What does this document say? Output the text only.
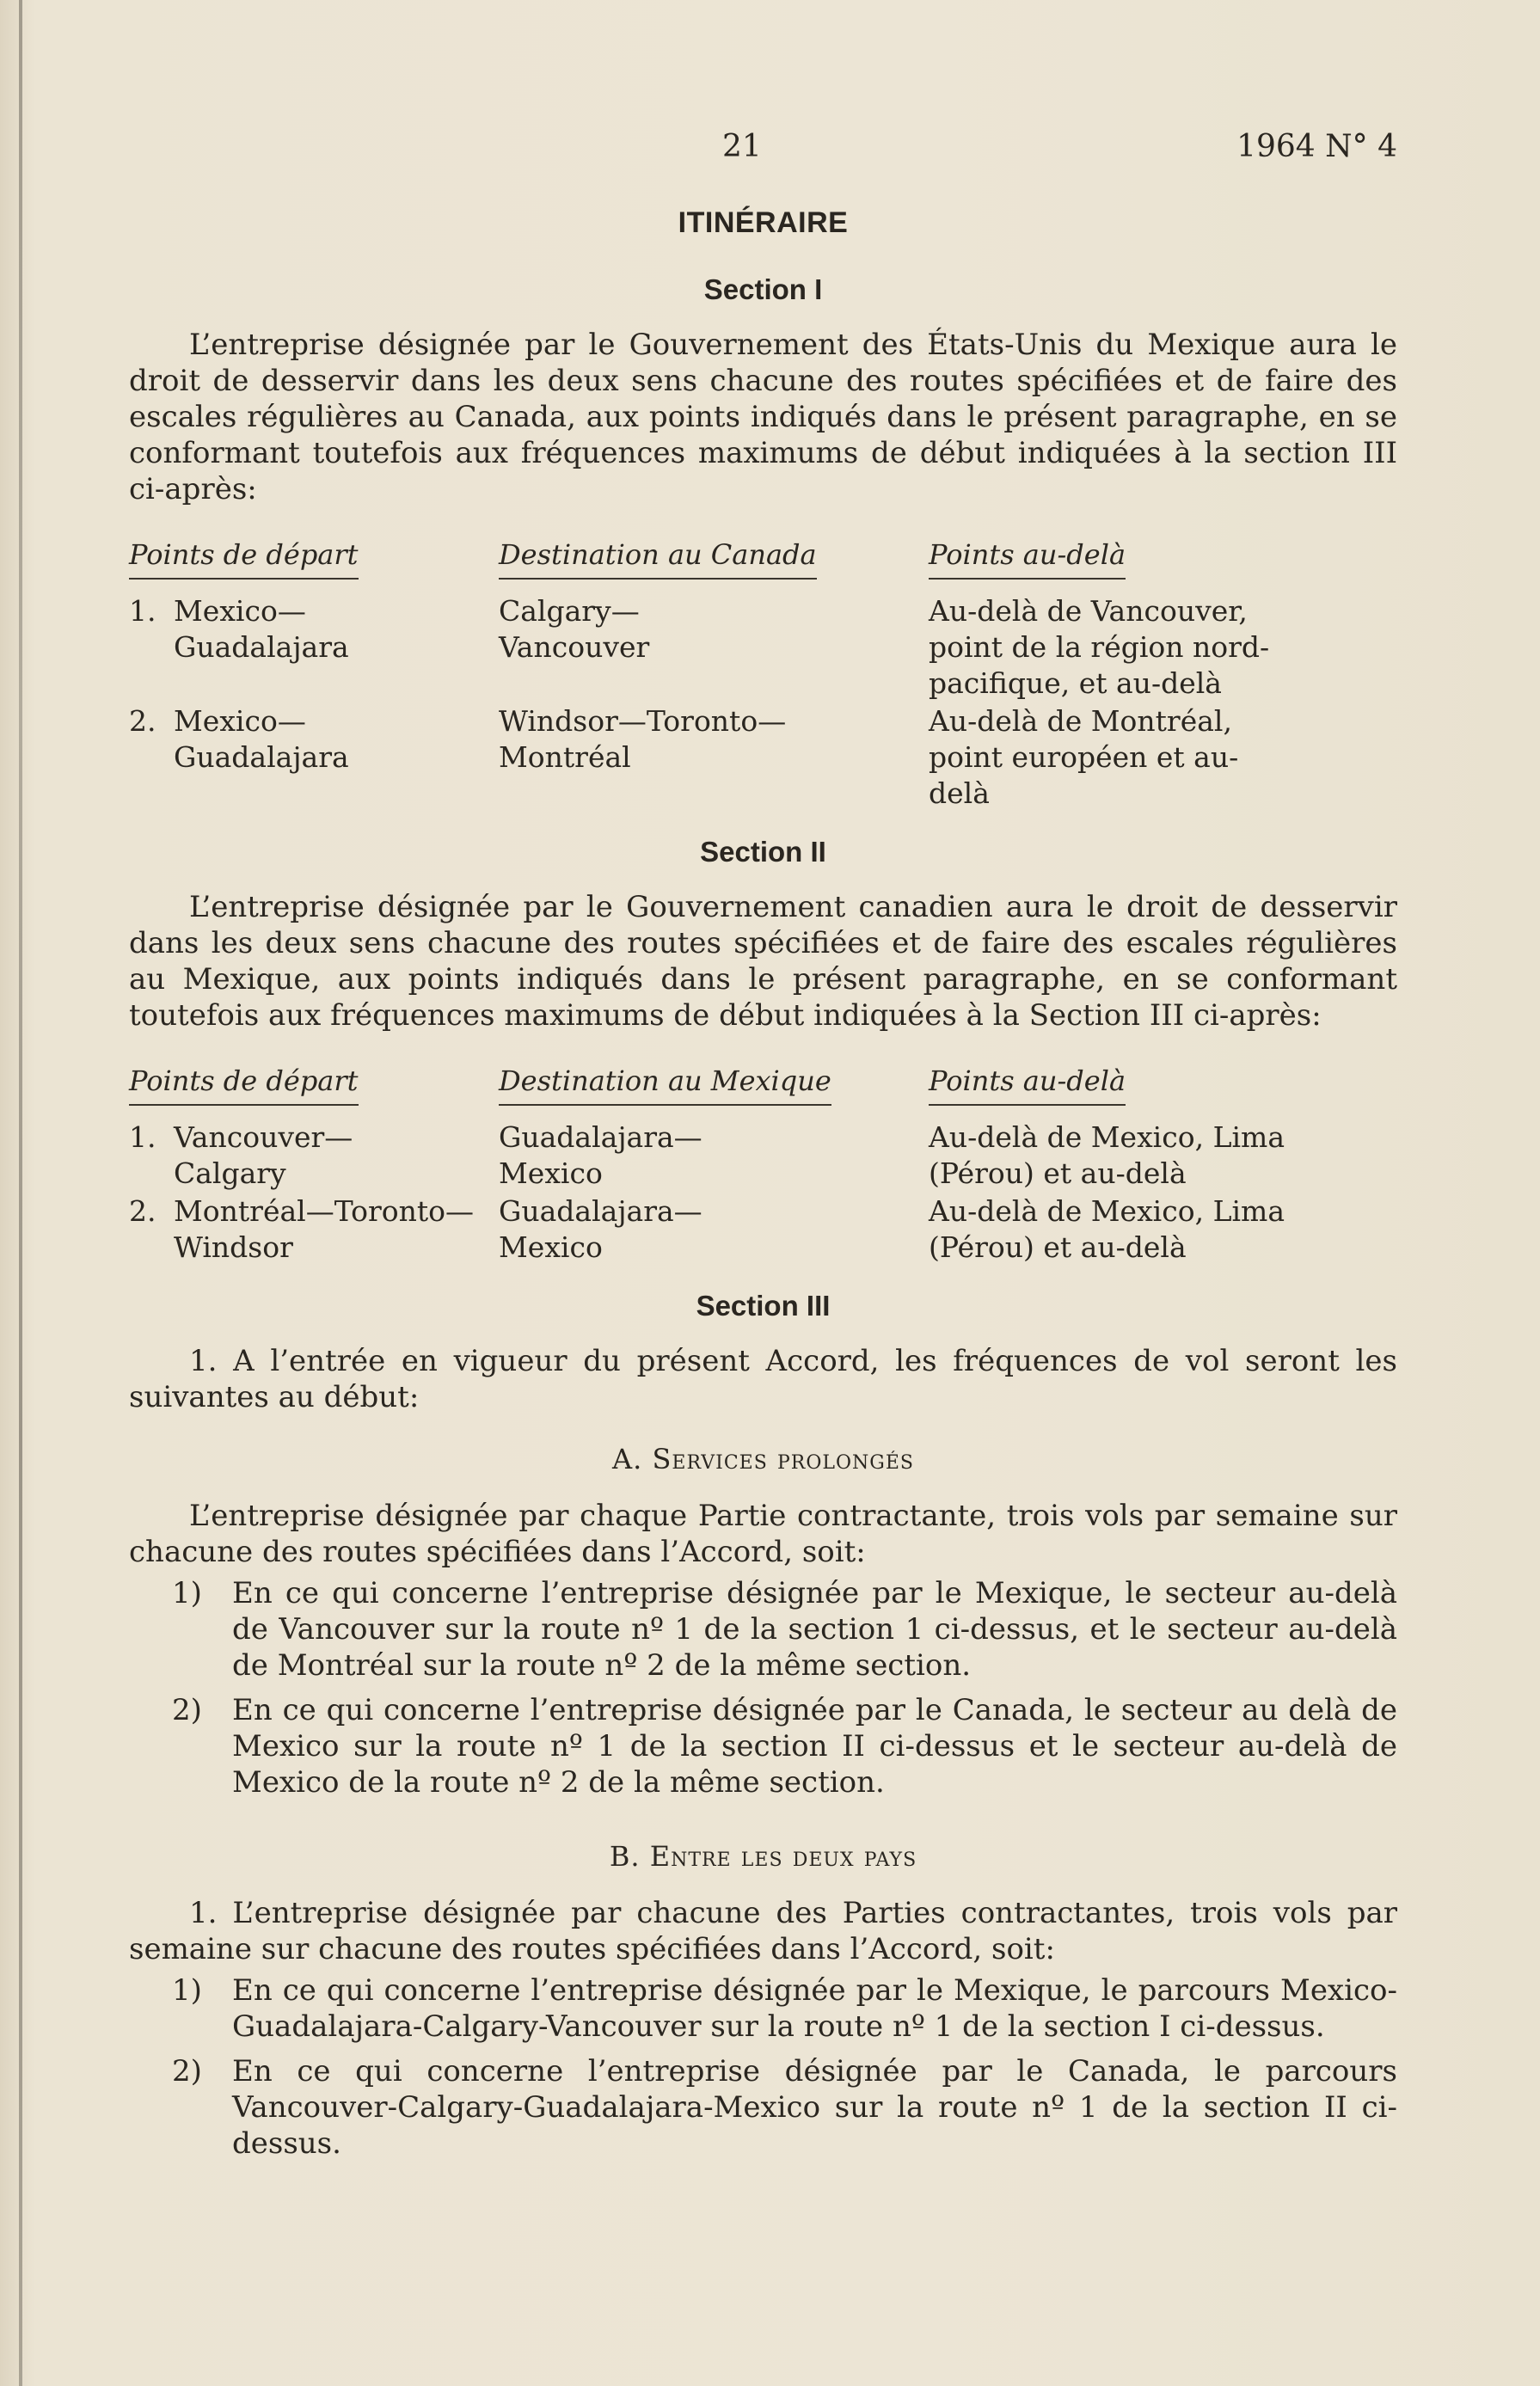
21	1964 N° 4
ITINÉRAIRE
Section I

L’entreprise désignée par le Gouvernement des États-Unis du Mexique aura le droit de desservir dans les deux sens chacune des routes spécifiées et de faire des escales régulières au Canada, aux points indiqués dans le présent paragraphe, en se conformant toutefois aux fréquences maximums de début indiquées à la section III ci-après:

Points de départ	Destination au Canada	Points au-delà
1. Mexico— Guadalajara	Calgary— Vancouver	Au-delà de Vancouver, point de la région nord-pacifique, et au-delà
2. Mexico— Guadalajara	Windsor—Toronto— Montréal	Au-delà de Montréal, point européen et au-delà
Section II

L’entreprise désignée par le Gouvernement canadien aura le droit de desservir dans les deux sens chacune des routes spécifiées et de faire des escales régulières au Mexique, aux points indiqués dans le présent paragraphe, en se conformant toutefois aux fréquences maximums de début indiquées à la Section III ci-après:

Points de départ	Destination au Mexique	Points au-delà
1. Vancouver— Calgary	Guadalajara— Mexico	Au-delà de Mexico, Lima (Pérou) et au-delà
2. Montréal—Toronto— Windsor	Guadalajara— Mexico	Au-delà de Mexico, Lima (Pérou) et au-delà
Section III

1. A l’entrée en vigueur du présent Accord, les fréquences de vol seront les suivantes au début:

A. Services prolongés

L’entreprise désignée par chaque Partie contractante, trois vols par semaine sur chacune des routes spécifiées dans l’Accord, soit:

1)	En ce qui concerne l’entreprise désignée par le Mexique, le secteur au-delà de Vancouver sur la route nº 1 de la section 1 ci-dessus, et le secteur au-delà de Montréal sur la route nº 2 de la même section.
2)	En ce qui concerne l’entreprise désignée par le Canada, le secteur au delà de Mexico sur la route nº 1 de la section II ci-dessus et le secteur au-delà de Mexico de la route nº 2 de la même section.
B. Entre les deux pays

1. L’entreprise désignée par chacune des Parties contractantes, trois vols par semaine sur chacune des routes spécifiées dans l’Accord, soit:

1)	En ce qui concerne l’entreprise désignée par le Mexique, le parcours Mexico-Guadalajara-Calgary-Vancouver sur la route nº 1 de la section I ci-dessus.
2)	En ce qui concerne l’entreprise désignée par le Canada, le parcours Vancouver-Calgary-Guadalajara-Mexico sur la route nº 1 de la section II ci-dessus.
